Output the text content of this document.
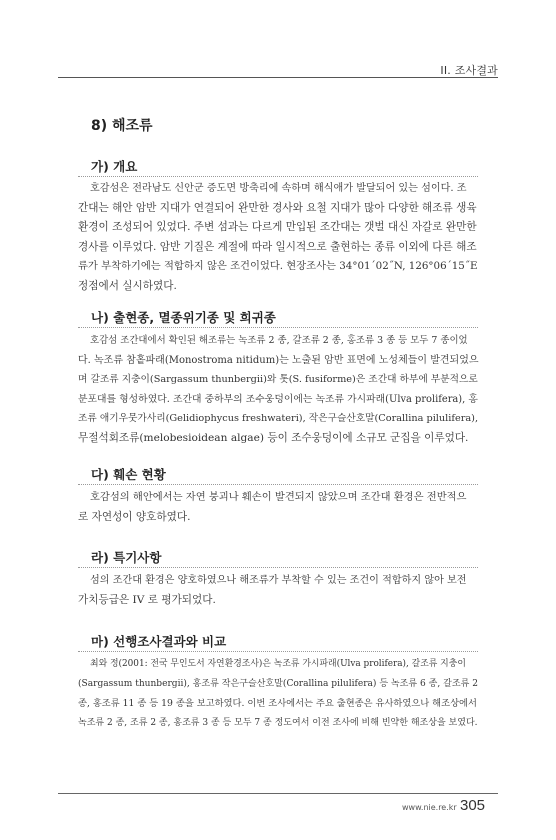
II. 조사결과
8) 해조류
가) 개요

호감섬은 전라남도 신안군 증도면 방축리에 속하며 해식애가 발달되어 있는 섬이다. 조
간대는 해안 암반 지대가 연결되어 완만한 경사와 요철 지대가 많아 다양한 해조류 생육
환경이 조성되어 있었다. 주변 섬과는 다르게 만입된 조간대는 갯벌 대신 자갈로 완만한
경사를 이루었다. 암반 기질은 계절에 따라 일시적으로 출현하는 종류 이외에 다른 해조
류가 부착하기에는 적합하지 않은 조건이었다. 현장조사는 34°01´02˝N, 126°06´15˝E
정점에서 실시하였다.

나) 출현종, 멸종위기종 및 희귀종

호감섬 조간대에서 확인된 해조류는 녹조류 2 종, 갈조류 2 종, 홍조류 3 종 등 모두 7 종이었
다. 녹조류 참홑파래(Monostroma nitidum)는 노출된 암반 표면에 노성체들이 발견되었으
며 갈조류 지충이(Sargassum thunbergii)와 톳(S. fusiforme)은 조간대 하부에 부분적으로
분포대를 형성하였다. 조간대 중하부의 조수웅덩이에는 녹조류 가시파래(Ulva prolifera), 홍
조류 애기우뭇가사리(Gelidiophycus freshwateri), 작은구슬산호말(Corallina pilulifera),
무절석회조류(melobesioidean algae) 등이 조수웅덩이에 소규모 군집을 이루었다.

다) 훼손 현황

호감섬의 해안에서는 자연 붕괴나 훼손이 발견되지 않았으며 조간대 환경은 전반적으
로 자연성이 양호하였다.

라) 특기사항

섬의 조간대 환경은 양호하였으나 해조류가 부착할 수 있는 조건이 적합하지 않아 보전
가치등급은 IV 로 평가되었다.

마) 선행조사결과와 비교

최와 정(2001: 전국 무인도서 자연환경조사)은 녹조류 가시파래(Ulva prolifera), 갈조류 지충이
(Sargassum thunbergii), 홍조류 작은구슬산호말(Corallina pilulifera) 등 녹조류 6 종, 갈조류 2
종, 홍조류 11 종 등 19 종을 보고하였다. 이번 조사에서는 주요 출현종은 유사하였으나 해조상에서
녹조류 2 종, 조류 2 종, 홍조류 3 종 등 모두 7 종 정도여서 이전 조사에 비해 빈약한 해조상을 보였다.

www.nie.re.kr 305
